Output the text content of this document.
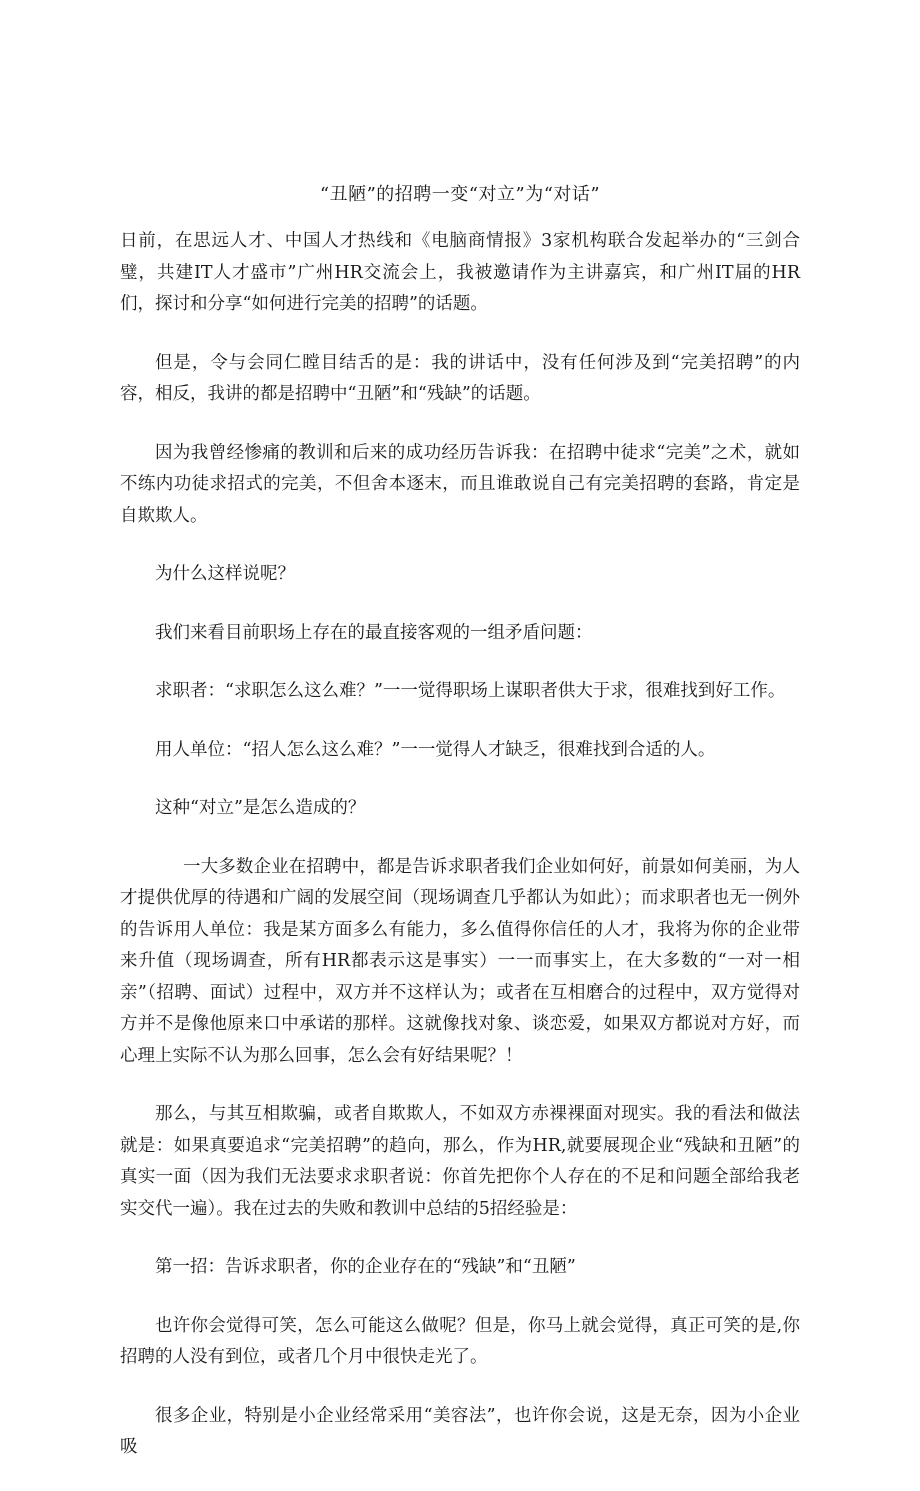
“丑陋”的招聘一变“对立”为“对话”

日前，在思远人才、中国人才热线和《电脑商情报》3家机构联合发起举办的“三剑合璧，共建IT人才盛市”广州HR交流会上，我被邀请作为主讲嘉宾，和广州IT届的HR们，探讨和分享“如何进行完美的招聘”的话题。

但是，令与会同仁瞠目结舌的是：我的讲话中，没有任何涉及到“完美招聘”的内容，相反，我讲的都是招聘中“丑陋”和“残缺”的话题。

因为我曾经惨痛的教训和后来的成功经历告诉我：在招聘中徒求“完美”之术，就如不练内功徒求招式的完美，不但舍本逐末，而且谁敢说自己有完美招聘的套路，肯定是自欺欺人。

为什么这样说呢？

我们来看目前职场上存在的最直接客观的一组矛盾问题：

求职者：“求职怎么这么难？”一一觉得职场上谋职者供大于求，很难找到好工作。

用人单位：“招人怎么这么难？”一一觉得人才缺乏，很难找到合适的人。

这种“对立”是怎么造成的？

一大多数企业在招聘中，都是告诉求职者我们企业如何好，前景如何美丽，为人才提供优厚的待遇和广阔的发展空间（现场调查几乎都认为如此）；而求职者也无一例外的告诉用人单位：我是某方面多么有能力，多么值得你信任的人才，我将为你的企业带来升值（现场调查，所有HR都表示这是事实）一一而事实上，在大多数的“一对一相亲”（招聘、面试）过程中，双方并不这样认为；或者在互相磨合的过程中，双方觉得对方并不是像他原来口中承诺的那样。这就像找对象、谈恋爱，如果双方都说对方好，而心理上实际不认为那么回事，怎么会有好结果呢？！

那么，与其互相欺骗，或者自欺欺人，不如双方赤裸裸面对现实。我的看法和做法就是：如果真要追求“完美招聘”的趋向，那么，作为HR,就要展现企业“残缺和丑陋”的真实一面（因为我们无法要求求职者说：你首先把你个人存在的不足和问题全部给我老实交代一遍）。我在过去的失败和教训中总结的5招经验是：

第一招：告诉求职者，你的企业存在的“残缺”和“丑陋”

也许你会觉得可笑，怎么可能这么做呢？但是，你马上就会觉得，真正可笑的是,你招聘的人没有到位，或者几个月中很快走光了。

很多企业，特别是小企业经常采用“美容法”，也许你会说，这是无奈，因为小企业吸
